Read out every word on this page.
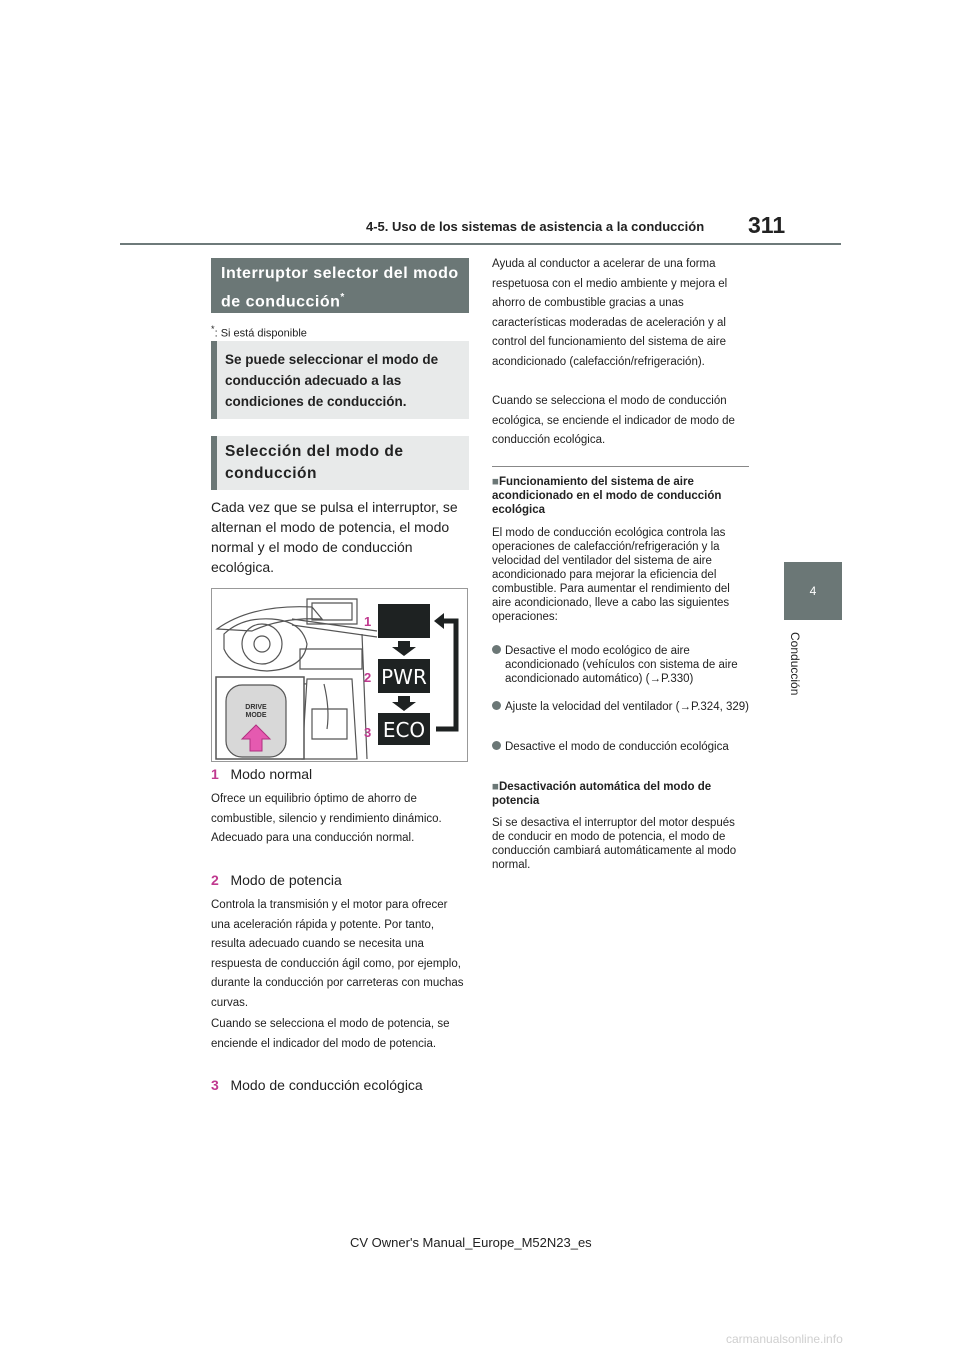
4-5. Uso de los sistemas de asistencia a la conducción 311
4
Conducción
Interruptor selector del modo de conducción*
*: Si está disponible
Se puede seleccionar el modo de conducción adecuado a las condiciones de conducción.
Selección del modo de conducción
Cada vez que se pulsa el interruptor, se alternan el modo de potencia, el modo normal y el modo de conducción ecológica.
DRIVE
MODE
1
2
3
PWR
ECO
1 Modo normal
Ofrece un equilibrio óptimo de ahorro de combustible, silencio y rendimiento dinámico. Adecuado para una conducción normal.
2 Modo de potencia
Controla la transmisión y el motor para ofrecer una aceleración rápida y potente. Por tanto, resulta adecuado cuando se necesita una respuesta de conducción ágil como, por ejemplo, durante la conducción por carreteras con muchas curvas.
Cuando se selecciona el modo de potencia, se enciende el indicador del modo de potencia.
3 Modo de conducción ecológica
Ayuda al conductor a acelerar de una forma respetuosa con el medio ambiente y mejora el ahorro de combustible gracias a unas características moderadas de aceleración y al control del funcionamiento del sistema de aire acondicionado (calefacción/refrigeración).
Cuando se selecciona el modo de conducción ecológica, se enciende el indicador de modo de conducción ecológica.
■Funcionamiento del sistema de aire acondicionado en el modo de conducción ecológica
El modo de conducción ecológica controla las operaciones de calefacción/refrigeración y la velocidad del ventilador del sistema de aire acondicionado para mejorar la eficiencia del combustible. Para aumentar el rendimiento del aire acondicionado, lleve a cabo las siguientes operaciones:
Desactive el modo ecológico de aire acondicionado (vehículos con sistema de aire acondicionado automático) (→P.330)
Ajuste la velocidad del ventilador (→P.324, 329)
Desactive el modo de conducción ecológica
■Desactivación automática del modo de potencia
Si se desactiva el interruptor del motor después de conducir en modo de potencia, el modo de conducción cambiará automáticamente al modo normal.
CV Owner's Manual_Europe_M52N23_es
carmanualsonline.info
